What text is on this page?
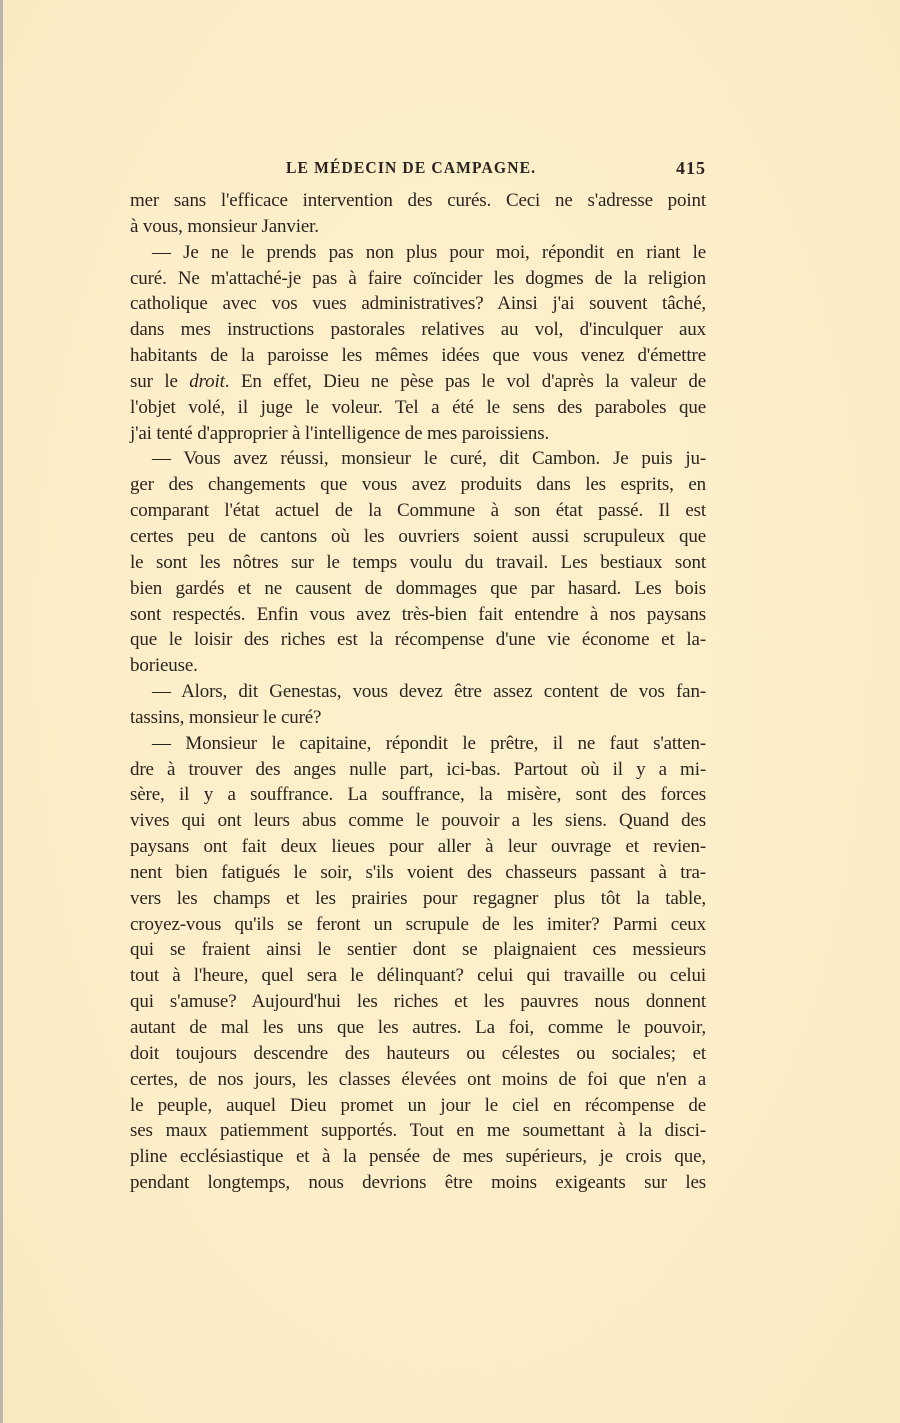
LE MÉDECIN DE CAMPAGNE.	415
mer sans l'efficace intervention des curés. Ceci ne s'adresse point
à vous, monsieur Janvier.
— Je ne le prends pas non plus pour moi, répondit en riant le
curé. Ne m'attaché-je pas à faire coïncider les dogmes de la religion
catholique avec vos vues administratives? Ainsi j'ai souvent tâché,
dans mes instructions pastorales relatives au vol, d'inculquer aux
habitants de la paroisse les mêmes idées que vous venez d'émettre
sur le droit. En effet, Dieu ne pèse pas le vol d'après la valeur de
l'objet volé, il juge le voleur. Tel a été le sens des paraboles que
j'ai tenté d'approprier à l'intelligence de mes paroissiens.
— Vous avez réussi, monsieur le curé, dit Cambon. Je puis ju-
ger des changements que vous avez produits dans les esprits, en
comparant l'état actuel de la Commune à son état passé. Il est
certes peu de cantons où les ouvriers soient aussi scrupuleux que
le sont les nôtres sur le temps voulu du travail. Les bestiaux sont
bien gardés et ne causent de dommages que par hasard. Les bois
sont respectés. Enfin vous avez très-bien fait entendre à nos paysans
que le loisir des riches est la récompense d'une vie économe et la-
borieuse.
— Alors, dit Genestas, vous devez être assez content de vos fan-
tassins, monsieur le curé?
— Monsieur le capitaine, répondit le prêtre, il ne faut s'atten-
dre à trouver des anges nulle part, ici-bas. Partout où il y a mi-
sère, il y a souffrance. La souffrance, la misère, sont des forces
vives qui ont leurs abus comme le pouvoir a les siens. Quand des
paysans ont fait deux lieues pour aller à leur ouvrage et revien-
nent bien fatigués le soir, s'ils voient des chasseurs passant à tra-
vers les champs et les prairies pour regagner plus tôt la table,
croyez-vous qu'ils se feront un scrupule de les imiter? Parmi ceux
qui se fraient ainsi le sentier dont se plaignaient ces messieurs
tout à l'heure, quel sera le délinquant? celui qui travaille ou celui
qui s'amuse? Aujourd'hui les riches et les pauvres nous donnent
autant de mal les uns que les autres. La foi, comme le pouvoir,
doit toujours descendre des hauteurs ou célestes ou sociales; et
certes, de nos jours, les classes élevées ont moins de foi que n'en a
le peuple, auquel Dieu promet un jour le ciel en récompense de
ses maux patiemment supportés. Tout en me soumettant à la disci-
pline ecclésiastique et à la pensée de mes supérieurs, je crois que,
pendant longtemps, nous devrions être moins exigeants sur les
